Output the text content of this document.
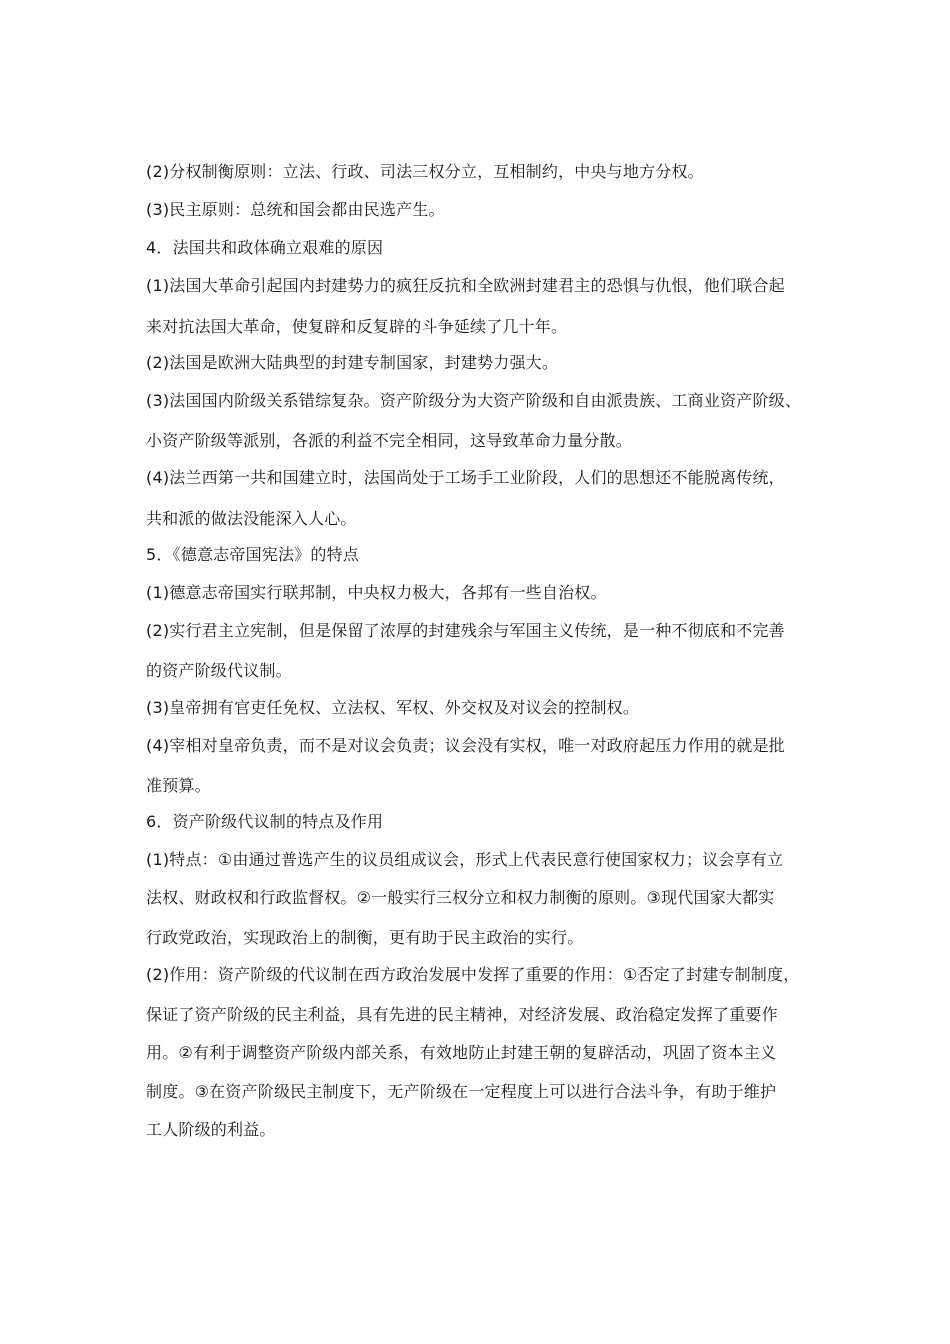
(2)分权制衡原则：立法、行政、司法三权分立，互相制约，中央与地方分权。
(3)民主原则：总统和国会都由民选产生。
4．法国共和政体确立艰难的原因
(1)法国大革命引起国内封建势力的疯狂反抗和全欧洲封建君主的恐惧与仇恨，他们联合起
来对抗法国大革命，使复辟和反复辟的斗争延续了几十年。
(2)法国是欧洲大陆典型的封建专制国家，封建势力强大。
(3)法国国内阶级关系错综复杂。资产阶级分为大资产阶级和自由派贵族、工商业资产阶级、
小资产阶级等派别，各派的利益不完全相同，这导致革命力量分散。
(4)法兰西第一共和国建立时，法国尚处于工场手工业阶段，人们的思想还不能脱离传统，
共和派的做法没能深入人心。
5．《德意志帝国宪法》的特点
(1)德意志帝国实行联邦制，中央权力极大，各邦有一些自治权。
(2)实行君主立宪制，但是保留了浓厚的封建残余与军国主义传统，是一种不彻底和不完善
的资产阶级代议制。
(3)皇帝拥有官吏任免权、立法权、军权、外交权及对议会的控制权。
(4)宰相对皇帝负责，而不是对议会负责；议会没有实权，唯一对政府起压力作用的就是批
准预算。
6．资产阶级代议制的特点及作用
(1)特点：①由通过普选产生的议员组成议会，形式上代表民意行使国家权力；议会享有立
法权、财政权和行政监督权。②一般实行三权分立和权力制衡的原则。③现代国家大都实
行政党政治，实现政治上的制衡，更有助于民主政治的实行。
(2)作用：资产阶级的代议制在西方政治发展中发挥了重要的作用：①否定了封建专制制度，
保证了资产阶级的民主利益，具有先进的民主精神，对经济发展、政治稳定发挥了重要作
用。②有利于调整资产阶级内部关系，有效地防止封建王朝的复辟活动，巩固了资本主义
制度。③在资产阶级民主制度下，无产阶级在一定程度上可以进行合法斗争，有助于维护
工人阶级的利益。
